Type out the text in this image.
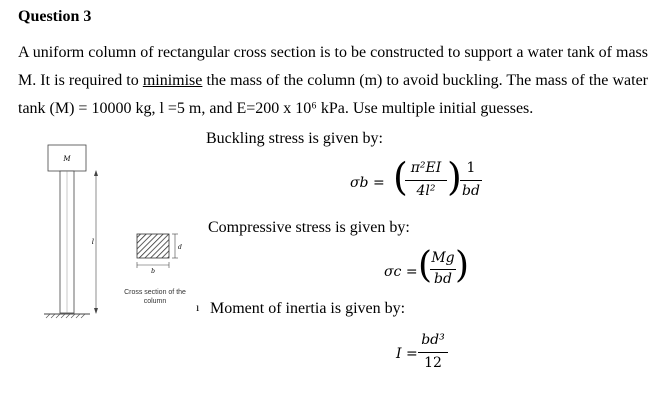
Question 3
A uniform column of rectangular cross section is to be constructed to support a water tank of mass M. It is required to minimise the mass of the column (m) to avoid buckling. The mass of the water tank (M) = 10000 kg, l =5 m, and E=200 x 10⁶ kPa. Use multiple initial guesses.
M
l
d
b
Cross section of the column
Buckling stress is given by:
σb = ( π²EI
4l² ) 1
bd
Compressive stress is given by:
σc = ( Mg
bd )
ı Moment of inertia is given by:
I =
bd³
12
